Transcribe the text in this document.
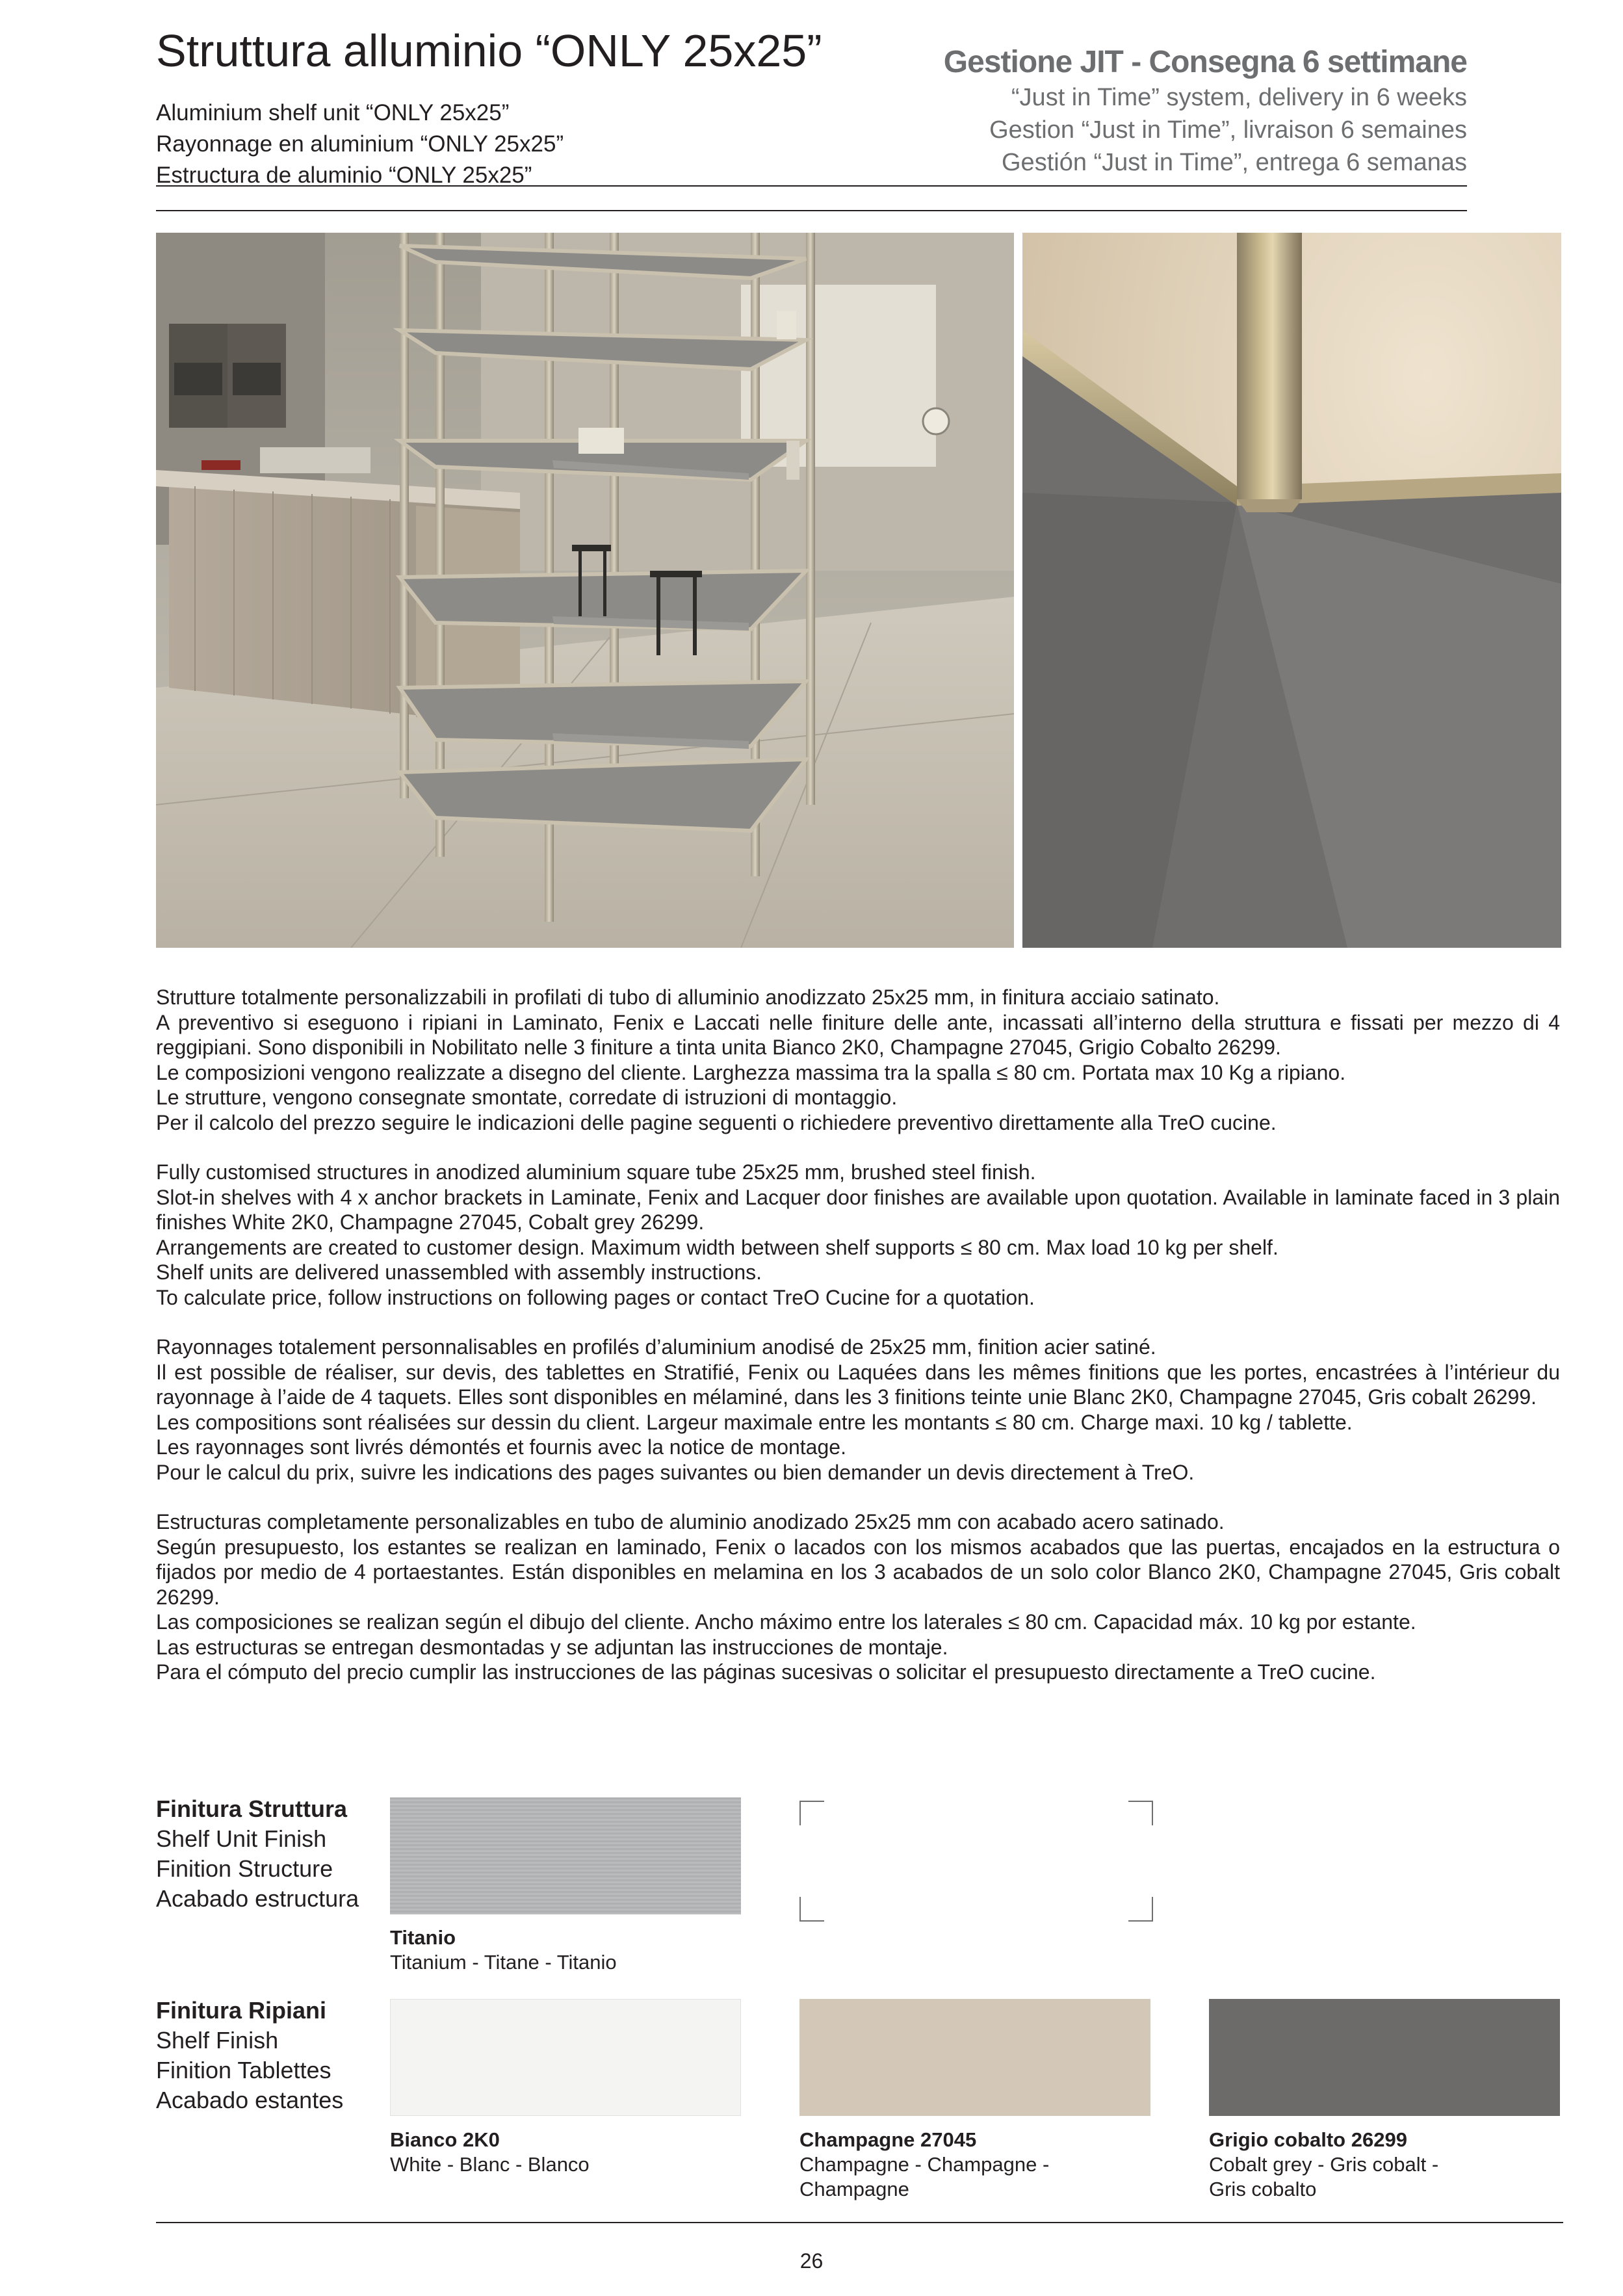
Struttura alluminio “ONLY 25x25”
Aluminium shelf unit “ONLY 25x25”
Rayonnage en aluminium “ONLY 25x25”
Estructura de aluminio “ONLY 25x25”
Gestione JIT - Consegna 6 settimane
“Just in Time” system, delivery in 6 weeks
Gestion “Just in Time”, livraison 6 semaines
Gestión “Just in Time”, entrega 6 semanas

Strutture totalmente personalizzabili in profilati di tubo di alluminio anodizzato 25x25 mm, in finitura acciaio satinato.
A preventivo si eseguono i ripiani in Laminato, Fenix e Laccati nelle finiture delle ante, incassati all’interno della struttura e fissati per mezzo di 4 reggipiani. Sono disponibili in Nobilitato nelle 3 finiture a tinta unita Bianco 2K0, Champagne 27045, Grigio Cobalto 26299.
Le composizioni vengono realizzate a disegno del cliente. Larghezza massima tra la spalla ≤ 80 cm. Portata max 10 Kg a ripiano.
Le strutture, vengono consegnate smontate, corredate di istruzioni di montaggio.
Per il calcolo del prezzo seguire le indicazioni delle pagine seguenti o richiedere preventivo direttamente alla TreO cucine.

Fully customised structures in anodized aluminium square tube 25x25 mm, brushed steel finish.
Slot-in shelves with 4 x anchor brackets in Laminate, Fenix and Lacquer door finishes are available upon quotation. Available in laminate faced in 3 plain finishes White 2K0, Champagne 27045, Cobalt grey 26299.
Arrangements are created to customer design. Maximum width between shelf supports ≤ 80 cm. Max load 10 kg per shelf.
Shelf units are delivered unassembled with assembly instructions.
To calculate price, follow instructions on following pages or contact TreO Cucine for a quotation.

Rayonnages totalement personnalisables en profilés d’aluminium anodisé de 25x25 mm, finition acier satiné.
Il est possible de réaliser, sur devis, des tablettes en Stratifié, Fenix ou Laquées dans les mêmes finitions que les portes, encastrées à l’intérieur du rayonnage à l’aide de 4 taquets. Elles sont disponibles en mélaminé, dans les 3 finitions teinte unie Blanc 2K0, Champagne 27045, Gris cobalt 26299.
Les compositions sont réalisées sur dessin du client. Largeur maximale entre les montants ≤ 80 cm. Charge maxi. 10 kg / tablette.
Les rayonnages sont livrés démontés et fournis avec la notice de montage.
Pour le calcul du prix, suivre les indications des pages suivantes ou bien demander un devis directement à TreO.

Estructuras completamente personalizables en tubo de aluminio anodizado 25x25 mm con acabado acero satinado.
Según presupuesto, los estantes se realizan en laminado, Fenix o lacados con los mismos acabados que las puertas, encajados en la estructura o fijados por medio de 4 portaestantes. Están disponibles en melamina en los 3 acabados de un solo color Blanco 2K0, Champagne 27045, Gris cobalt 26299.
Las composiciones se realizan según el dibujo del cliente. Ancho máximo entre los laterales ≤ 80 cm. Capacidad máx. 10 kg por estante.
Las estructuras se entregan desmontadas y se adjuntan las instrucciones de montaje.
Para el cómputo del precio cumplir las instrucciones de las páginas sucesivas o solicitar el presupuesto directamente a TreO cucine.

Finitura Struttura
Shelf Unit Finish
Finition Structure
Acabado estructura
Titanio
Titanium - Titane - Titanio
Finitura Ripiani
Shelf Finish
Finition Tablettes
Acabado estantes
Bianco 2K0
White - Blanc - Blanco
Champagne 27045
Champagne - Champagne -
Champagne
Grigio cobalto 26299
Cobalt grey - Gris cobalt -
Gris cobalto
26
